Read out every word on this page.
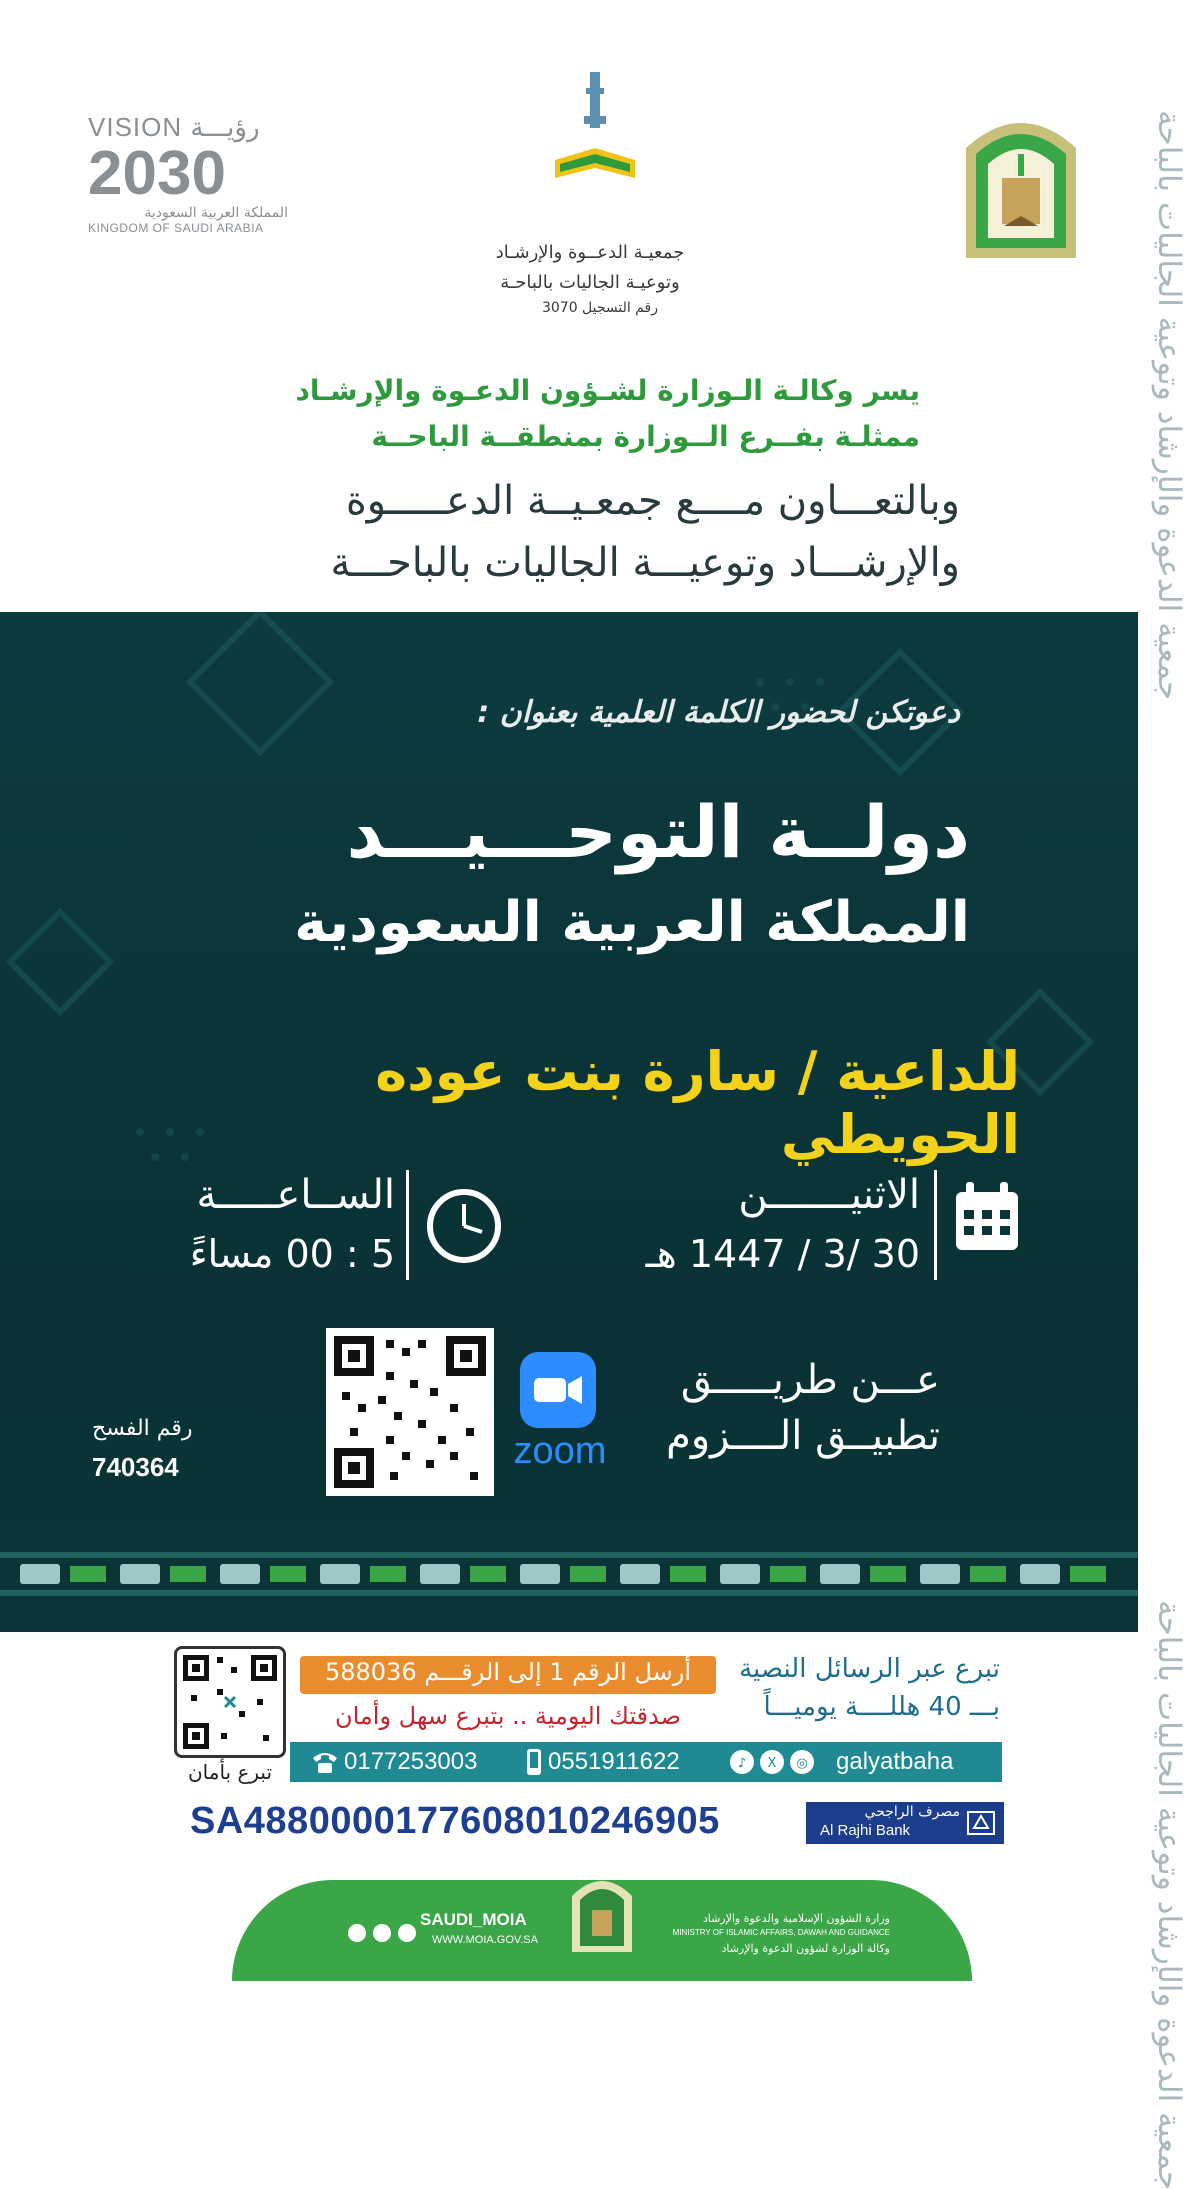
جمعية الدعوة والإرشاد وتوعية الجاليات بالباحة
جمعية الدعوة والإرشاد وتوعية الجاليات بالباحة
VISION رؤيـــة
2030
المملكة العربية السعودية
KINGDOM OF SAUDI ARABIA
جمعيـة الدعــوة والإرشـاد
وتوعيـة الجاليات بالباحـة
رقم التسجيل 3070
يسر وكالـة الـوزارة لشـؤون الدعـوة والإرشـاد
ممثلـة بفــرع الــوزارة بمنطقــة الباحــة
وبالتعـــاون مــــع جمعـيــة الدعـــــوة
والإرشـــاد وتوعيـــة الجاليات بالباحـــة
دعوتكن لحضور الكلمة العلمية بعنوان :
دولــة التوحـــيـــد
المملكة العربية السعودية
للداعية / سارة بنت عوده الحويطي
الاثنيـــــــن
30 /3 / 1447 هـ
الســاعـــــة
5 : 00 مساءً
عـــن طريـــــق
تطبيــق الــــزوم
zoom
رقم الفسح
740364
جمعية الدعوة والإرشاد وتوعية الجاليات بالباحة
تبرع عبر الرسائل النصية
بـــ 40 هللــــة يوميـــاً
أرسل الرقم 1 إلى الرقـــم 588036
صدقتك اليومية .. بتبرع سهل وأمان
galyatbaha
♪ X ◎
0551911622
0177253003
SA4880000177608010246905	مصرف الراجحي
Al Rajhi Bank
تبرع بأمان
SAUDI_MOIA
WWW.MOIA.GOV.SA
وزارة الشؤون الإسلامية والدعوة والإرشاد
MINISTRY OF ISLAMIC AFFAIRS, DAWAH AND GUIDANCE
وكالة الوزارة لشؤون الدعوة والإرشاد
